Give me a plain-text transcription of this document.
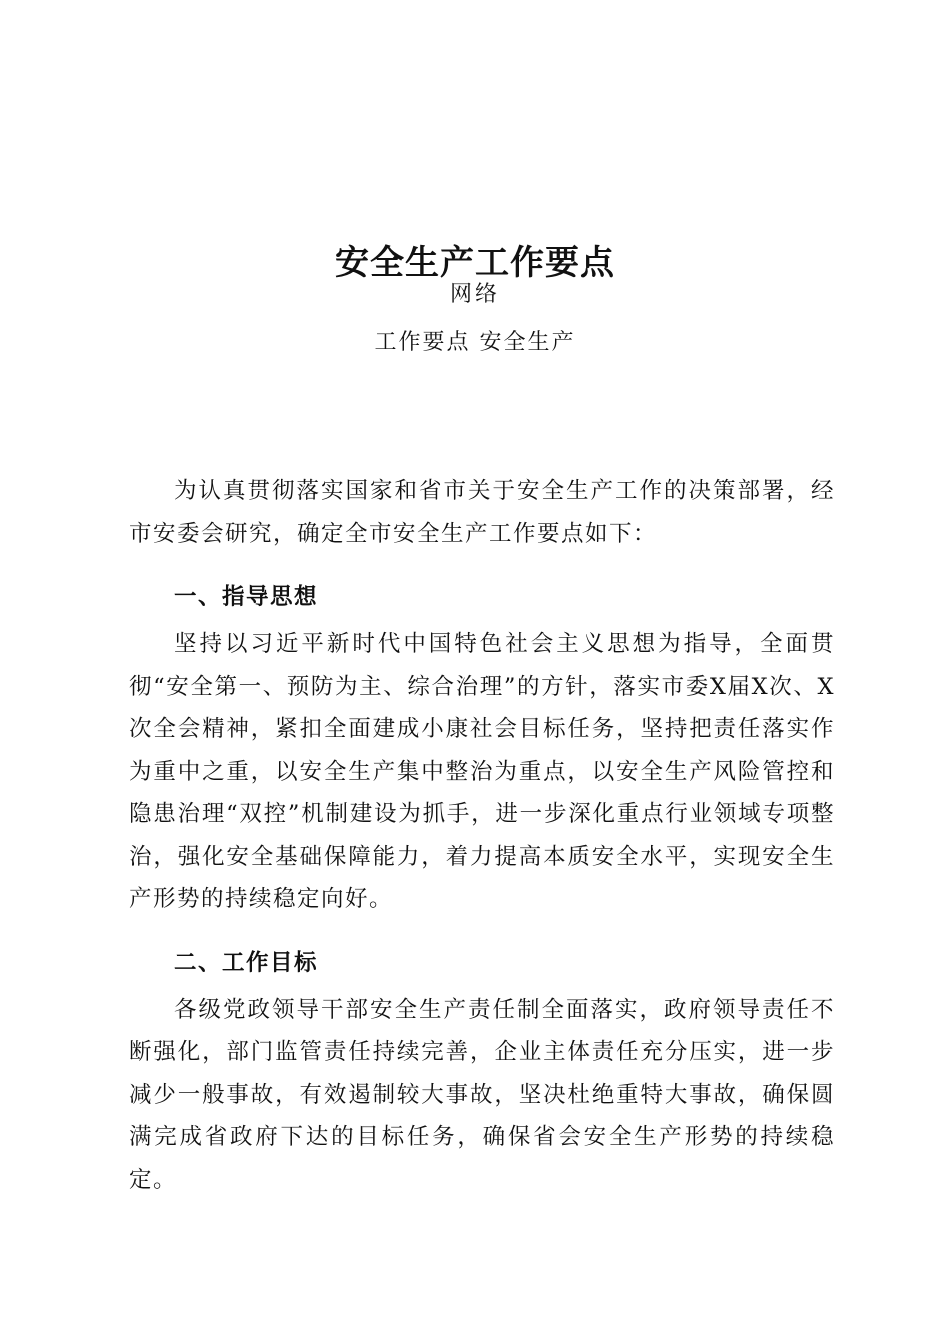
安全生产工作要点
网络
工作要点 安全生产

为认真贯彻落实国家和省市关于安全生产工作的决策部署，经市安委会研究，确定全市安全生产工作要点如下：

一、指导思想

坚持以习近平新时代中国特色社会主义思想为指导，全面贯彻“安全第一、预防为主、综合治理”的方针，落实市委X届X次、X次全会精神，紧扣全面建成小康社会目标任务，坚持把责任落实作为重中之重，以安全生产集中整治为重点，以安全生产风险管控和隐患治理“双控”机制建设为抓手，进一步深化重点行业领域专项整治，强化安全基础保障能力，着力提高本质安全水平，实现安全生产形势的持续稳定向好。

二、工作目标

各级党政领导干部安全生产责任制全面落实，政府领导责任不断强化，部门监管责任持续完善，企业主体责任充分压实，进一步减少一般事故，有效遏制较大事故，坚决杜绝重特大事故，确保圆满完成省政府下达的目标任务，确保省会安全生产形势的持续稳定。
